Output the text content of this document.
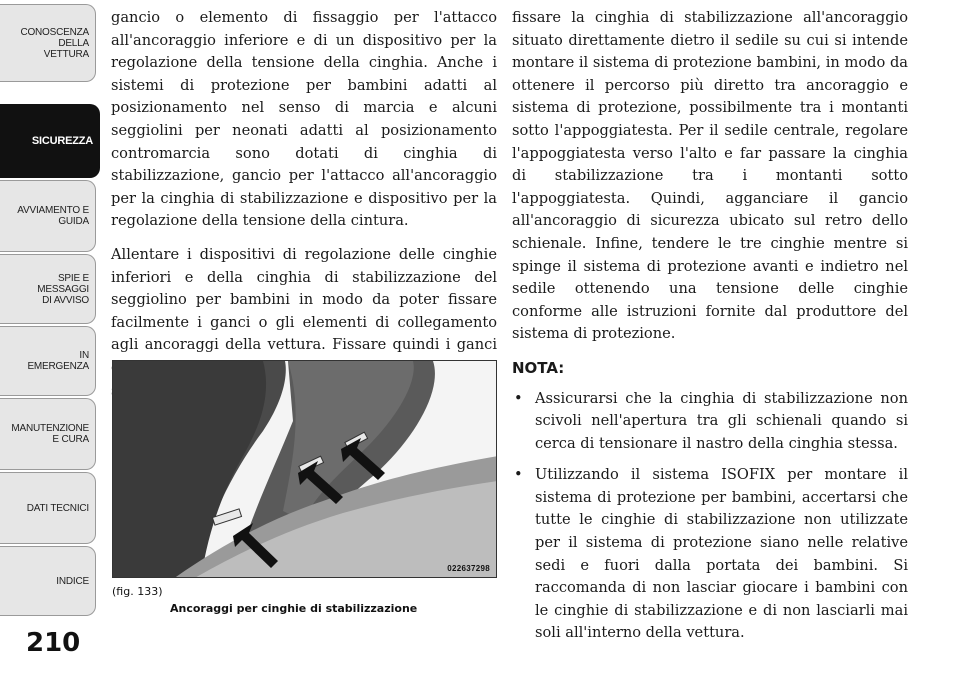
CONOSCENZA DELLA
VETTURA
SICUREZZA
AVVIAMENTO E
GUIDA
SPIE E
MESSAGGI
DI AVVISO
IN
EMERGENZA
MANUTENZIONE
E CURA
DATI TECNICI
INDICE
210

gancio o elemento di fissaggio per l'attacco all'ancoraggio inferiore e di un dispositivo per la regolazione della tensione della cinghia. Anche i sistemi di protezione per bambini adatti al posizionamento nel senso di marcia e alcuni seggiolini per neonati adatti al posizionamento contromarcia sono dotati di cinghia di stabilizzazione, gancio per l'attacco all'ancoraggio per la cinghia di stabilizzazione e dispositivo per la regolazione della tensione della cintura.

Allentare i dispositivi di regolazione delle cinghie inferiori e della cinghia di stabilizzazione del seggiolino per bambini in modo da poter fissare facilmente i ganci o gli elementi di collegamento agli ancoraggi della vettura. Fissare quindi i ganci

022637298
(fig. 133)
Ancoraggi per cinghie di stabilizzazione

fissare la cinghia di stabilizzazione all'ancoraggio situato direttamente dietro il sedile su cui si intende montare il sistema di protezione bambini, in modo da ottenere il percorso più diretto tra ancoraggio e sistema di protezione, possibilmente tra i montanti sotto l'appoggiatesta. Per il sedile centrale, regolare l'appoggiatesta verso l'alto e far passare la cinghia di stabilizzazione tra i montanti sotto l'appoggiatesta. Quindi, agganciare il gancio all'ancoraggio di sicurezza ubicato sul retro dello schienale. Infine, tendere le tre cinghie mentre si spinge il sistema di protezione avanti e indietro nel sedile ottenendo una tensione delle cinghie conforme alle istruzioni fornite dal produttore del sistema di protezione.

NOTA:
• Assicurarsi che la cinghia di stabilizzazione non scivoli nell'apertura tra gli schienali quando si cerca di tensionare il nastro della cinghia stessa.
• Utilizzando il sistema ISOFIX per montare il sistema di protezione per bambini, accertarsi che tutte le cinghie di stabilizzazione non utilizzate per il sistema di protezione siano nelle relative sedi e fuori dalla portata dei bambini. Si raccomanda di non lasciar giocare i bambini con le cinghie di stabilizzazione e di non lasciarli mai soli all'interno della vettura.
